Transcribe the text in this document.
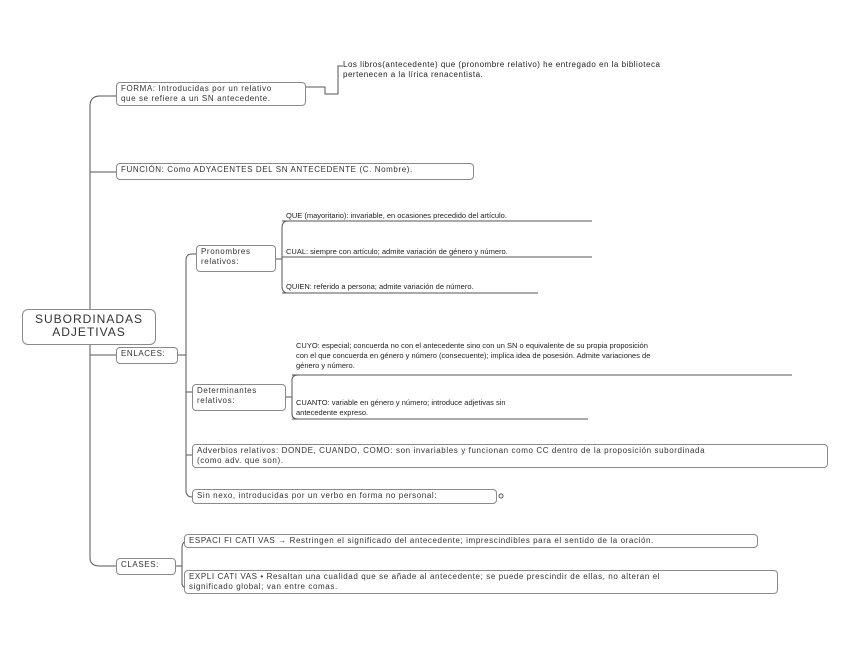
SUBORDINADAS
ADJETIVAS
FORMA: Introducidas por un relativo
que se refiere a un SN antecedente.
Los libros(antecedente) que (pronombre relativo) he entregado en la biblioteca
pertenecen a la lírica renacentista.
FUNCIÓN: Como ADYACENTES DEL SN ANTECEDENTE (C. Nombre).
ENLACES:
Pronombres
relativos:
QUE (mayoritario): invariable, en ocasiones precedido del artículo.
CUAL: siempre con artículo; admite variación de género y número.
QUIEN: referido a persona; admite variación de número.
Determinantes
relativos:
CUYO: especial; concuerda no con el antecedente sino con un SN o equivalente de su propia proposición
con el que concuerda en género y número (consecuente); implica idea de posesión. Admite variaciones de
género y número.
CUANTO: variable en género y número; introduce adjetivas sin
antecedente expreso.
Adverbios relativos: DONDE, CUANDO, COMO: son invariables y funcionan como CC dentro de la proposición subordinada
(como adv. que son).
Sin nexo, introducidas por un verbo en forma no personal:
CLASES:
ESPACI FI CATI VAS → Restringen el significado del antecedente; imprescindibles para el sentido de la oración.
EXPLI CATI VAS • Resaltan una cualidad que se añade al antecedente; se puede prescindir de ellas, no alteran el
significado global; van entre comas.
